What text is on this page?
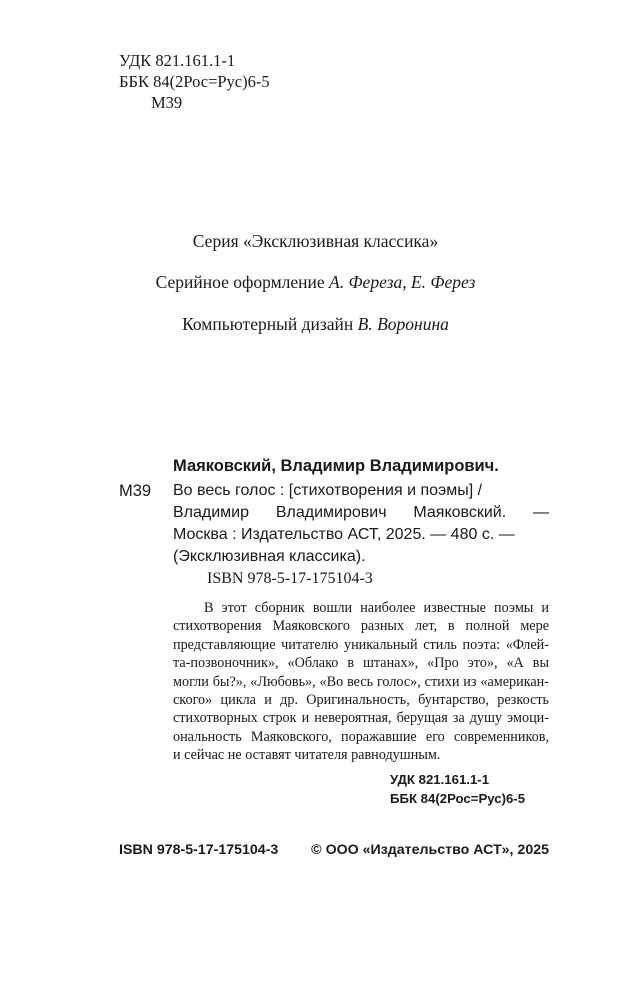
УДК 821.161.1-1
ББК 84(2Рос=Рус)6-5
М39
Серия «Эксклюзивная классика»
Серийное оформление А. Фереза, Е. Ферез
Компьютерный дизайн В. Воронина
Маяковский, Владимир Владимирович.
М39 Во весь голос : [стихотворения и поэмы] /
Владимир Владимирович Маяковский. —
Москва : Издательство АСТ, 2025. — 480 с. —
(Эксклюзивная классика).
ISBN 978-5-17-175104-3
В этот сборник вошли наиболее известные поэмы и
стихотворения Маяковского разных лет, в полной мере
представляющие читателю уникальный стиль поэта: «Флей-
та-позвоночник», «Облако в штанах», «Про это», «А вы
могли бы?», «Любовь», «Во весь голос», стихи из «американ-
ского» цикла и др. Оригинальность, бунтарство, резкость
стихотворных строк и невероятная, берущая за душу эмоци-
ональность Маяковского, поражавшие его современников,
и сейчас не оставят читателя равнодушным.
УДК 821.161.1-1
ББК 84(2Рос=Рус)6-5
ISBN 978-5-17-175104-3 © ООО «Издательство АСТ», 2025
